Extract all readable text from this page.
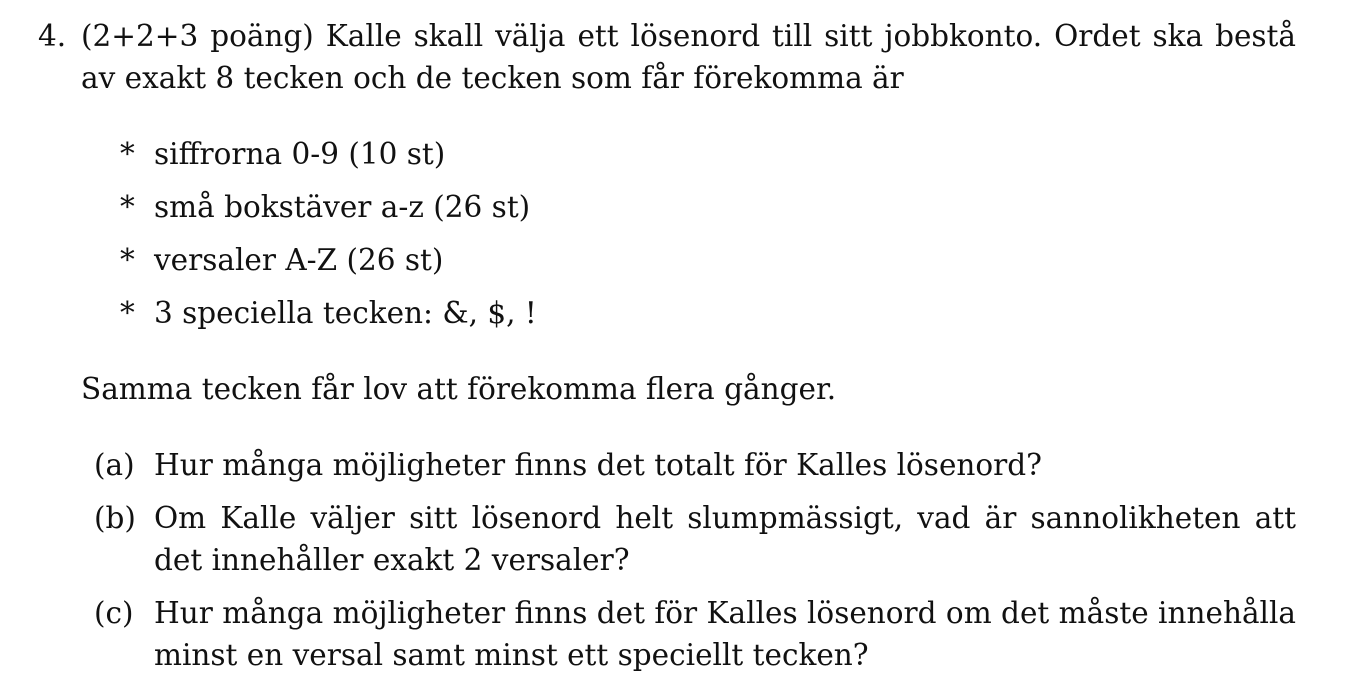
4. (2+2+3 poäng) Kalle skall välja ett lösenord till sitt jobbkonto. Ordet ska bestå av exakt 8 tecken och de tecken som får förekomma är
* siffrorna 0-9 (10 st)
* små bokstäver a-z (26 st)
* versaler A-Z (26 st)
* 3 speciella tecken: &, $, !
Samma tecken får lov att förekomma flera gånger.
(a) Hur många möjligheter finns det totalt för Kalles lösenord?
(b) Om Kalle väljer sitt lösenord helt slumpmässigt, vad är sannolikheten att det innehåller exakt 2 versaler?
(c) Hur många möjligheter finns det för Kalles lösenord om det måste innehålla minst en versal samt minst ett speciellt tecken?
